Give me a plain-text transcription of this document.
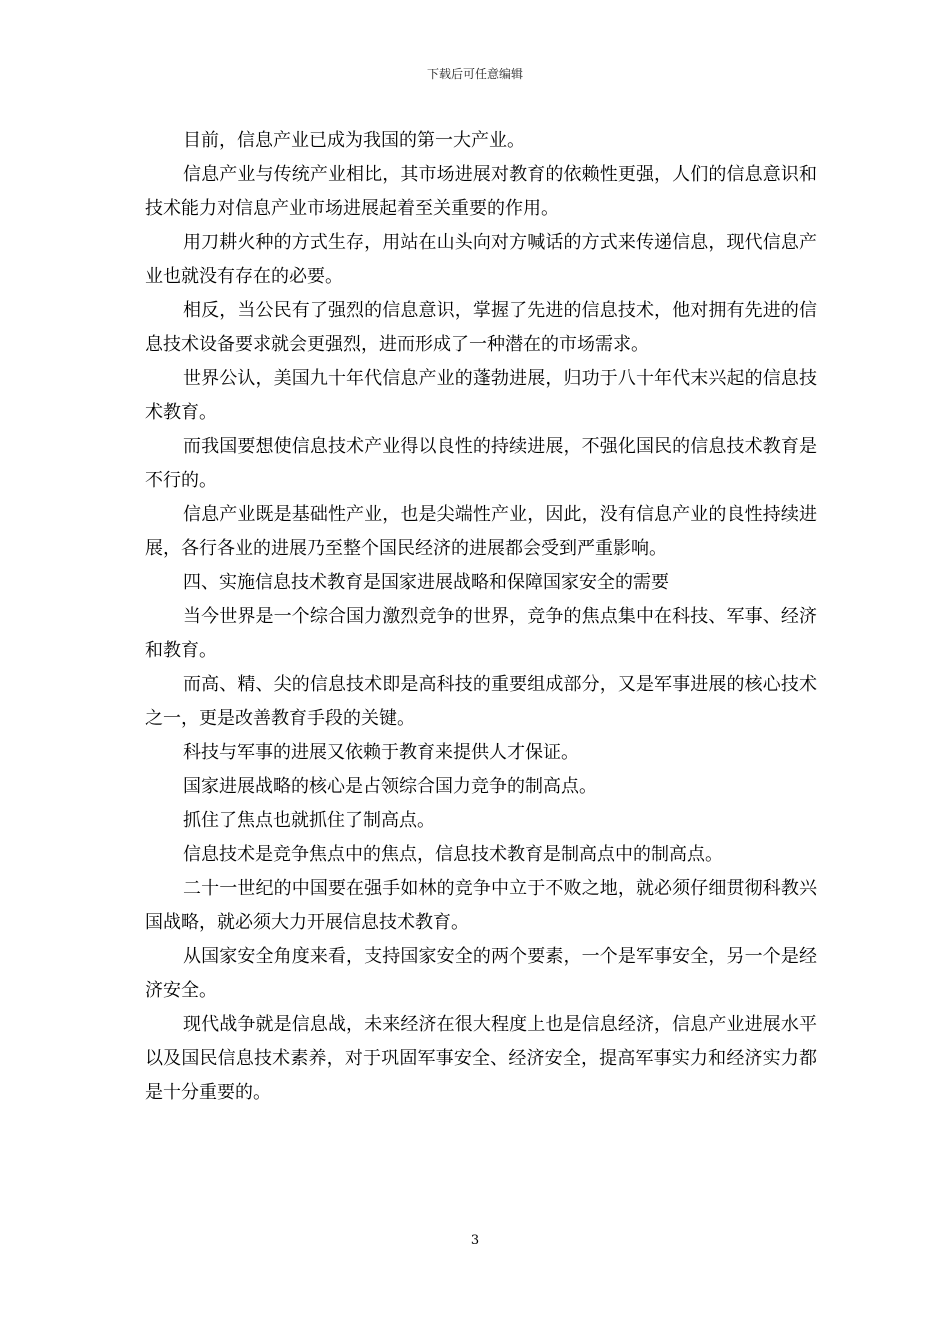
下载后可任意编辑

目前，信息产业已成为我国的第一大产业。

信息产业与传统产业相比，其市场进展对教育的依赖性更强，人们的信息意识和技术能力对信息产业市场进展起着至关重要的作用。

用刀耕火种的方式生存，用站在山头向对方喊话的方式来传递信息，现代信息产业也就没有存在的必要。

相反，当公民有了强烈的信息意识，掌握了先进的信息技术，他对拥有先进的信息技术设备要求就会更强烈，进而形成了一种潜在的市场需求。

世界公认，美国九十年代信息产业的蓬勃进展，归功于八十年代末兴起的信息技术教育。

而我国要想使信息技术产业得以良性的持续进展，不强化国民的信息技术教育是不行的。

信息产业既是基础性产业，也是尖端性产业，因此，没有信息产业的良性持续进展，各行各业的进展乃至整个国民经济的进展都会受到严重影响。

四、实施信息技术教育是国家进展战略和保障国家安全的需要

当今世界是一个综合国力激烈竞争的世界，竞争的焦点集中在科技、军事、经济和教育。

而高、精、尖的信息技术即是高科技的重要组成部分，又是军事进展的核心技术之一，更是改善教育手段的关键。

科技与军事的进展又依赖于教育来提供人才保证。

国家进展战略的核心是占领综合国力竞争的制高点。

抓住了焦点也就抓住了制高点。

信息技术是竞争焦点中的焦点，信息技术教育是制高点中的制高点。

二十一世纪的中国要在强手如林的竞争中立于不败之地，就必须仔细贯彻科教兴国战略，就必须大力开展信息技术教育。

从国家安全角度来看，支持国家安全的两个要素，一个是军事安全，另一个是经济安全。

现代战争就是信息战，未来经济在很大程度上也是信息经济，信息产业进展水平以及国民信息技术素养，对于巩固军事安全、经济安全，提高军事实力和经济实力都是十分重要的。

3
